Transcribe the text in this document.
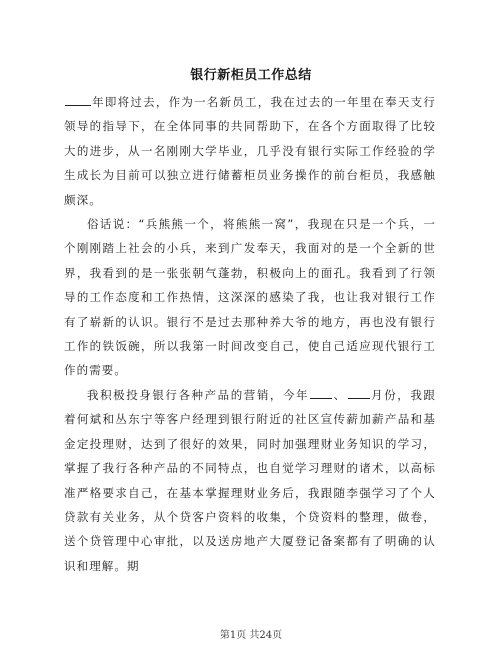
银行新柜员工作总结

年即将过去，作为一名新员工，我在过去的一年里在奉天支行领导的指导下，在全体同事的共同帮助下，在各个方面取得了比较大的进步，从一名刚刚大学毕业，几乎没有银行实际工作经验的学生成长为目前可以独立进行储蓄柜员业务操作的前台柜员，我感触颇深。

俗话说：“兵熊熊一个，将熊熊一窝”，我现在只是一个兵，一个刚刚踏上社会的小兵，来到广发奉天，我面对的是一个全新的世界，我看到的是一张张朝气蓬勃，积极向上的面孔。我看到了行领导的工作态度和工作热情，这深深的感染了我，也让我对银行工作有了崭新的认识。银行不是过去那种养大爷的地方，再也没有银行工作的铁饭碗，所以我第一时间改变自己，使自己适应现代银行工作的需要。

我积极投身银行各种产品的营销，今年 、 月份，我跟着何斌和丛东宁等客户经理到银行附近的社区宣传薪加薪产品和基金定投理财，达到了很好的效果，同时加强理财业务知识的学习，掌握了我行各种产品的不同特点，也自觉学习理财的诸术，以高标准严格要求自己，在基本掌握理财业务后，我跟随李强学习了个人贷款有关业务，从个贷客户资料的收集，个贷资料的整理，做卷，送个贷管理中心审批，以及送房地产大厦登记备案都有了明确的认识和理解。期

第1页 共24页
